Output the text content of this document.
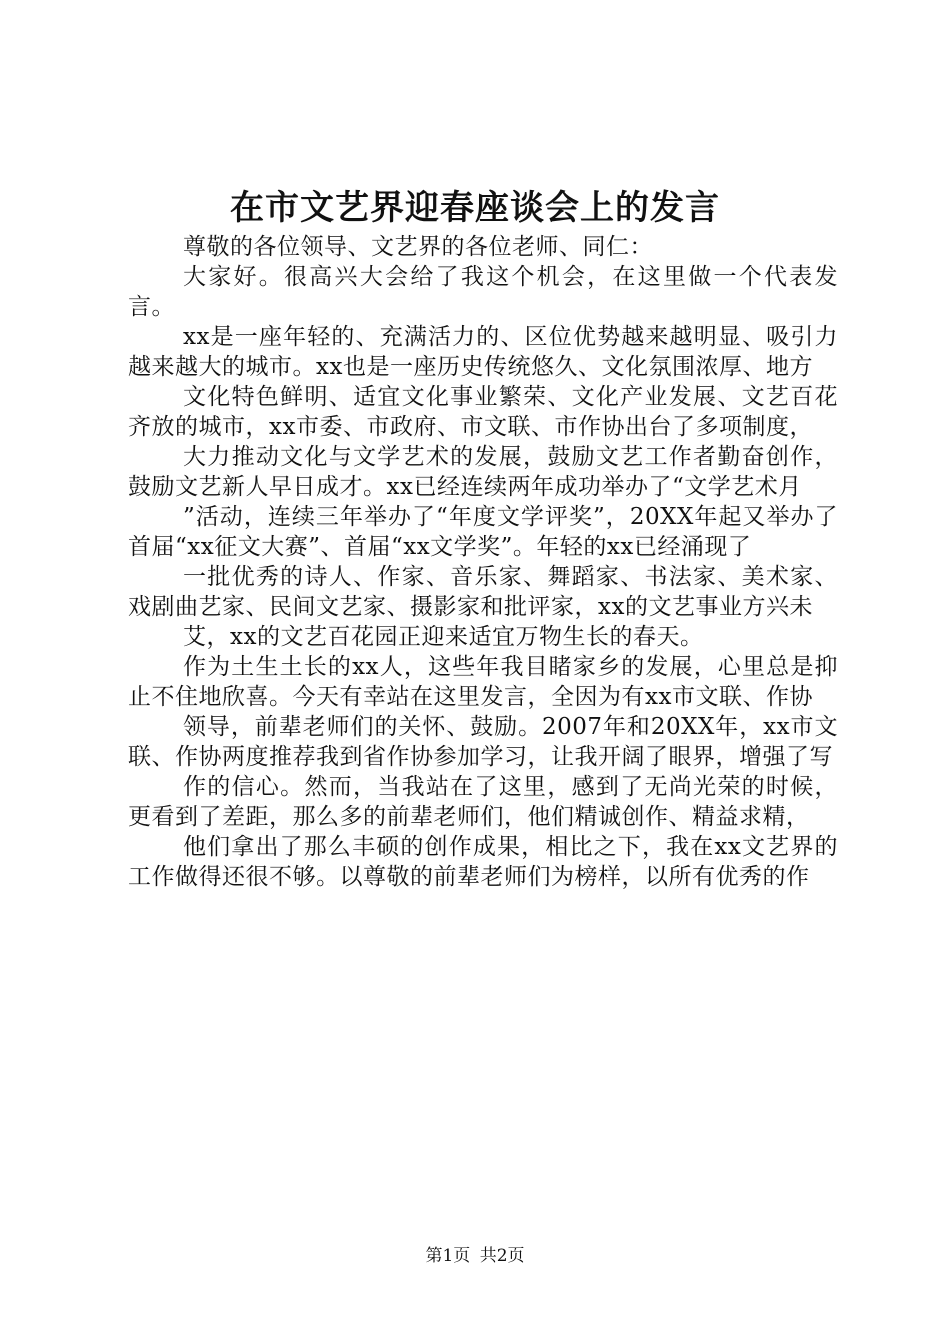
在市文艺界迎春座谈会上的发言

尊敬的各位领导、文艺界的各位老师、同仁：

大家好。很高兴大会给了我这个机会，在这里做一个代表发言。

xx是一座年轻的、充满活力的、区位优势越来越明显、吸引力越来越大的城市。xx也是一座历史传统悠久、文化氛围浓厚、地方

文化特色鲜明、适宜文化事业繁荣、文化产业发展、文艺百花齐放的城市，xx市委、市政府、市文联、市作协出台了多项制度，

大力推动文化与文学艺术的发展，鼓励文艺工作者勤奋创作，鼓励文艺新人早日成才。xx已经连续两年成功举办了“文学艺术月

”活动，连续三年举办了“年度文学评奖”，20XX年起又举办了首届“xx征文大赛”、首届“xx文学奖”。年轻的xx已经涌现了

一批优秀的诗人、作家、音乐家、舞蹈家、书法家、美术家、戏剧曲艺家、民间文艺家、摄影家和批评家，xx的文艺事业方兴未

艾，xx的文艺百花园正迎来适宜万物生长的春天。

作为土生土长的xx人，这些年我目睹家乡的发展，心里总是抑止不住地欣喜。今天有幸站在这里发言，全因为有xx市文联、作协

领导，前辈老师们的关怀、鼓励。2007年和20XX年，xx市文联、作协两度推荐我到省作协参加学习，让我开阔了眼界，增强了写

作的信心。然而，当我站在了这里，感到了无尚光荣的时候，更看到了差距，那么多的前辈老师们，他们精诚创作、精益求精，

他们拿出了那么丰硕的创作成果，相比之下，我在xx文艺界的工作做得还很不够。以尊敬的前辈老师们为榜样，以所有优秀的作

第1页 共2页
